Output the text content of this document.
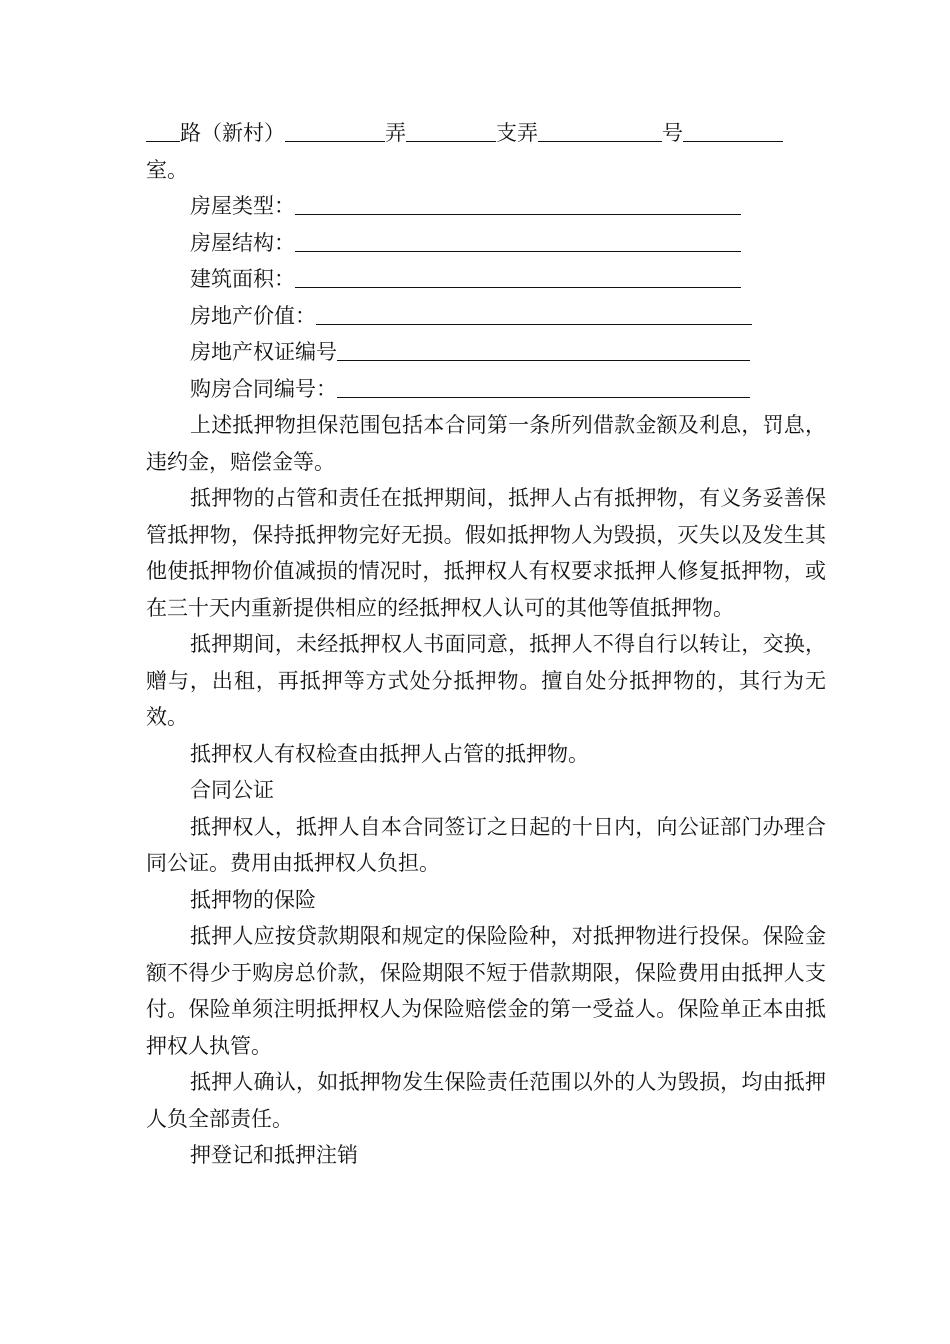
路（新村）	弄	支弄	号
室。
房屋类型：
房屋结构：
建筑面积：
房地产价值：
房地产权证编号
购房合同编号：

上述抵押物担保范围包括本合同第一条所列借款金额及利息，罚息，违约金，赔偿金等。

抵押物的占管和责任在抵押期间，抵押人占有抵押物，有义务妥善保管抵押物，保持抵押物完好无损。假如抵押物人为毁损，灭失以及发生其他使抵押物价值减损的情况时，抵押权人有权要求抵押人修复抵押物，或在三十天内重新提供相应的经抵押权人认可的其他等值抵押物。

抵押期间，未经抵押权人书面同意，抵押人不得自行以转让，交换，赠与，出租，再抵押等方式处分抵押物。擅自处分抵押物的，其行为无效。

抵押权人有权检查由抵押人占管的抵押物。

合同公证

抵押权人，抵押人自本合同签订之日起的十日内，向公证部门办理合同公证。费用由抵押权人负担。

抵押物的保险

抵押人应按贷款期限和规定的保险险种，对抵押物进行投保。保险金额不得少于购房总价款，保险期限不短于借款期限，保险费用由抵押人支付。保险单须注明抵押权人为保险赔偿金的第一受益人。保险单正本由抵押权人执管。

抵押人确认，如抵押物发生保险责任范围以外的人为毁损，均由抵押人负全部责任。

押登记和抵押注销
